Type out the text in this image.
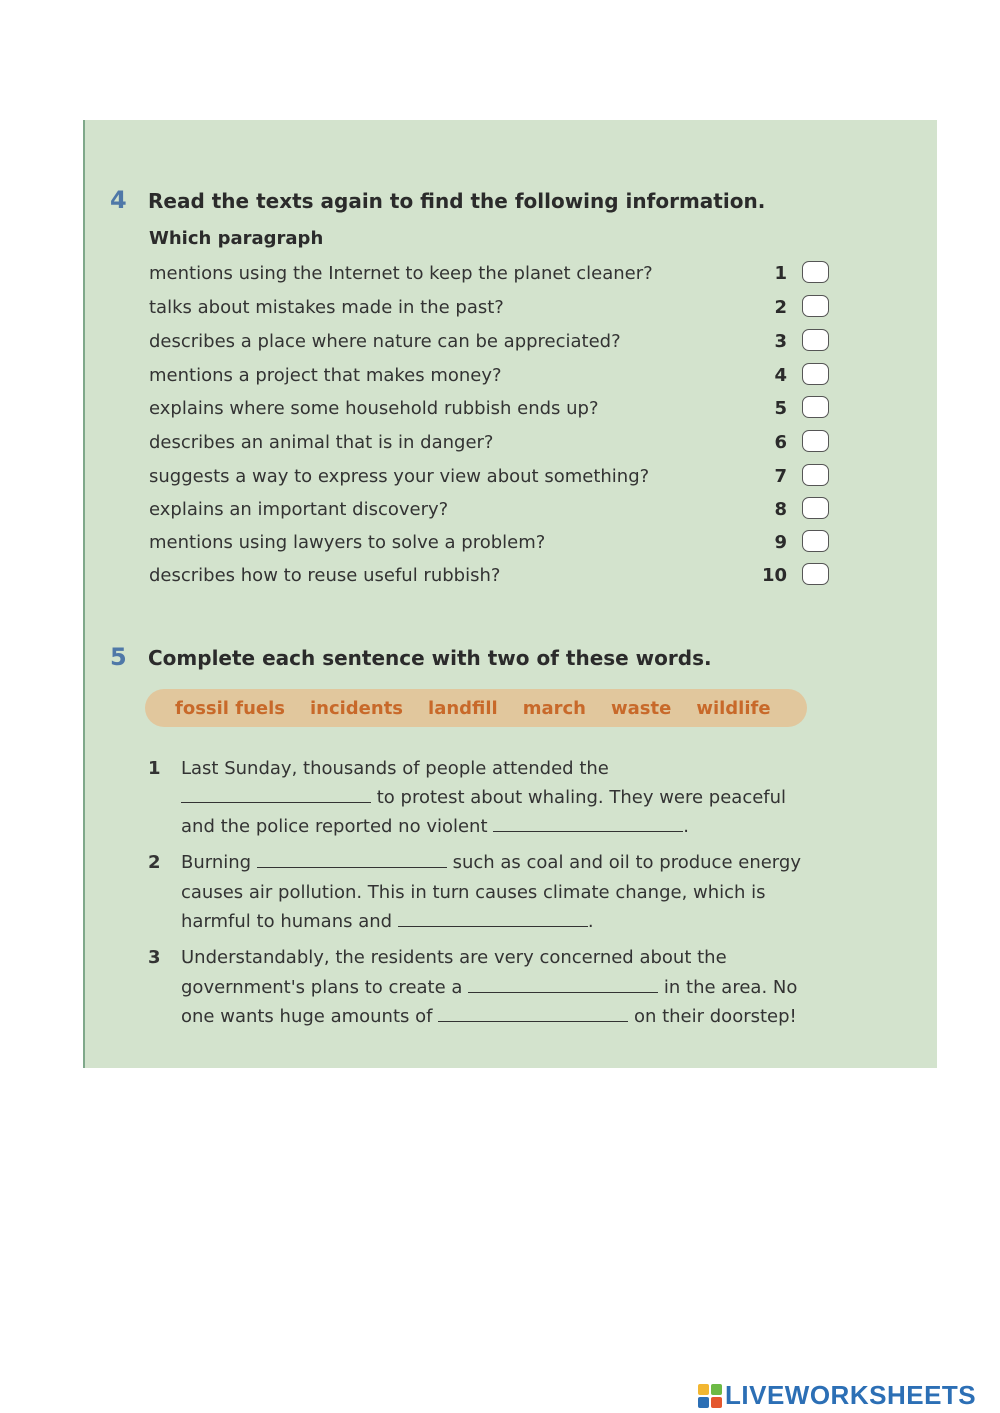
4	Read the texts again to find the following information.
Which paragraph
mentions using the Internet to keep the planet cleaner?	1
talks about mistakes made in the past?	2
describes a place where nature can be appreciated?	3
mentions a project that makes money?	4
explains where some household rubbish ends up?	5
describes an animal that is in danger?	6
suggests a way to express your view about something?	7
explains an important discovery?	8
mentions using lawyers to solve a problem?	9
describes how to reuse useful rubbish?	10
5	Complete each sentence with two of these words.
fossil fuels incidents landfill march waste wildlife
1 Last Sunday, thousands of people attended the
to protest about whaling. They were peaceful
and the police reported no violent	.
2 Burning	such as coal and oil to produce energy
causes air pollution. This in turn causes climate change, which is
harmful to humans and	.
3 Understandably, the residents are very concerned about the
government's plans to create a	in the area. No
one wants huge amounts of	on their doorstep!
LIVEWORKSHEETS
